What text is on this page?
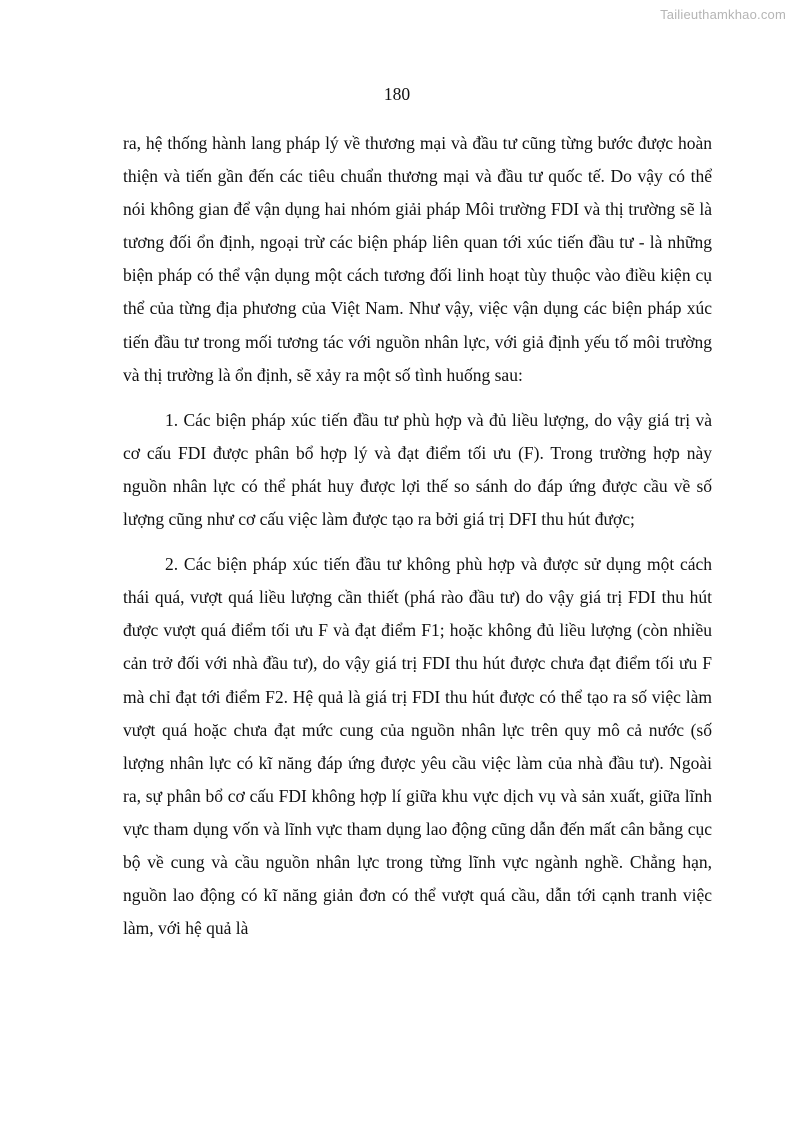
Tailieuthamkhao.com
180

ra, hệ thống hành lang pháp lý về thương mại và đầu tư cũng từng bước được hoàn thiện và tiến gần đến các tiêu chuẩn thương mại và đầu tư quốc tế. Do vậy có thể nói không gian để vận dụng hai nhóm giải pháp Môi trường FDI và thị trường sẽ là tương đối ổn định, ngoại trừ các biện pháp liên quan tới xúc tiến đầu tư - là những biện pháp có thể vận dụng một cách tương đối linh hoạt tùy thuộc vào điều kiện cụ thể của từng địa phương của Việt Nam. Như vậy, việc vận dụng các biện pháp xúc tiến đầu tư trong mối tương tác với nguồn nhân lực, với giả định yếu tố môi trường và thị trường là ổn định, sẽ xảy ra một số tình huống sau:

1. Các biện pháp xúc tiến đầu tư phù hợp và đủ liều lượng, do vậy giá trị và cơ cấu FDI được phân bổ hợp lý và đạt điểm tối ưu (F). Trong trường hợp này nguồn nhân lực có thể phát huy được lợi thế so sánh do đáp ứng được cầu về số lượng cũng như cơ cấu việc làm được tạo ra bởi giá trị DFI thu hút được;

2. Các biện pháp xúc tiến đầu tư không phù hợp và được sử dụng một cách thái quá, vượt quá liều lượng cần thiết (phá rào đầu tư) do vậy giá trị FDI thu hút được vượt quá điểm tối ưu F và đạt điểm F1; hoặc không đủ liều lượng (còn nhiều cản trở đối với nhà đầu tư), do vậy giá trị FDI thu hút được chưa đạt điểm tối ưu F mà chỉ đạt tới điểm F2. Hệ quả là giá trị FDI thu hút được có thể tạo ra số việc làm vượt quá hoặc chưa đạt mức cung của nguồn nhân lực trên quy mô cả nước (số lượng nhân lực có kĩ năng đáp ứng được yêu cầu việc làm của nhà đầu tư). Ngoài ra, sự phân bổ cơ cấu FDI không hợp lí giữa khu vực dịch vụ và sản xuất, giữa lĩnh vực tham dụng vốn và lĩnh vực tham dụng lao động cũng dẫn đến mất cân bằng cục bộ về cung và cầu nguồn nhân lực trong từng lĩnh vực ngành nghề. Chẳng hạn, nguồn lao động có kĩ năng giản đơn có thể vượt quá cầu, dẫn tới cạnh tranh việc làm, với hệ quả là
